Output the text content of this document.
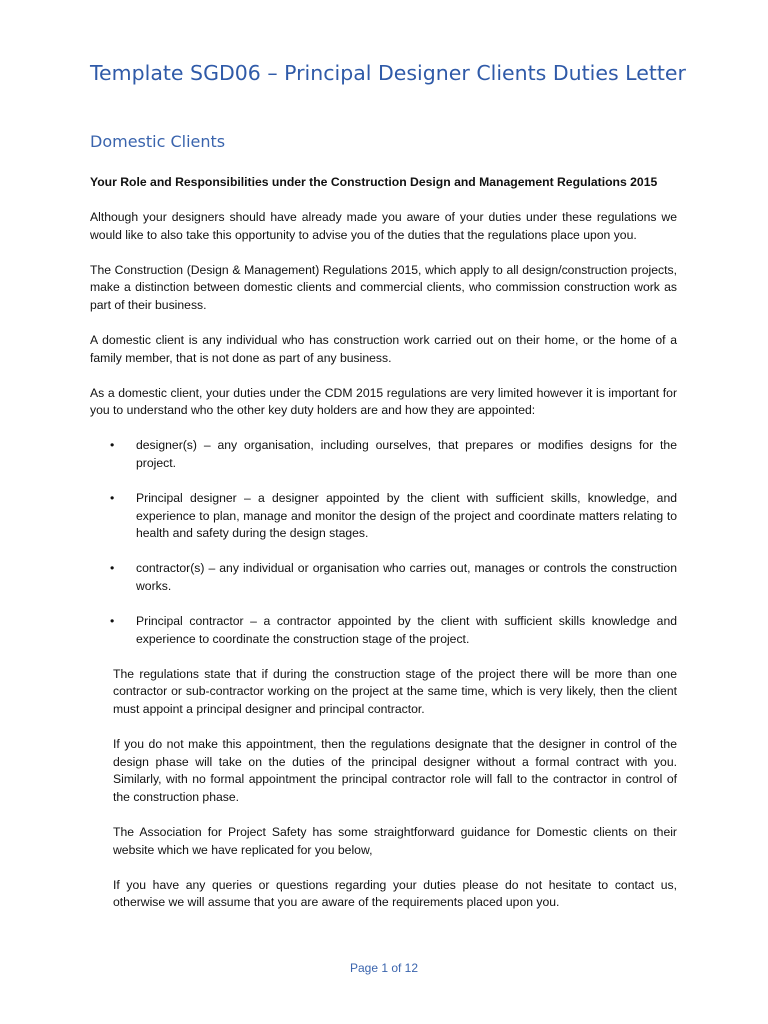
Template SGD06 – Principal Designer Clients Duties Letter
Domestic Clients

Your Role and Responsibilities under the Construction Design and Management Regulations 2015

Although your designers should have already made you aware of your duties under these regulations we would like to also take this opportunity to advise you of the duties that the regulations place upon you.

The Construction (Design & Management) Regulations 2015, which apply to all design/construction projects, make a distinction between domestic clients and commercial clients, who commission construction work as part of their business.

A domestic client is any individual who has construction work carried out on their home, or the home of a family member, that is not done as part of any business.

As a domestic client, your duties under the CDM 2015 regulations are very limited however it is important for you to understand who the other key duty holders are and how they are appointed:

• designer(s) – any organisation, including ourselves, that prepares or modifies designs for the project.
• Principal designer – a designer appointed by the client with sufficient skills, knowledge, and experience to plan, manage and monitor the design of the project and coordinate matters relating to health and safety during the design stages.
• contractor(s) – any individual or organisation who carries out, manages or controls the construction works.
• Principal contractor – a contractor appointed by the client with sufficient skills knowledge and experience to coordinate the construction stage of the project.

The regulations state that if during the construction stage of the project there will be more than one contractor or sub-contractor working on the project at the same time, which is very likely, then the client must appoint a principal designer and principal contractor.

If you do not make this appointment, then the regulations designate that the designer in control of the design phase will take on the duties of the principal designer without a formal contract with you. Similarly, with no formal appointment the principal contractor role will fall to the contractor in control of the construction phase.

The Association for Project Safety has some straightforward guidance for Domestic clients on their website which we have replicated for you below,

If you have any queries or questions regarding your duties please do not hesitate to contact us, otherwise we will assume that you are aware of the requirements placed upon you.

Page 1 of 12
